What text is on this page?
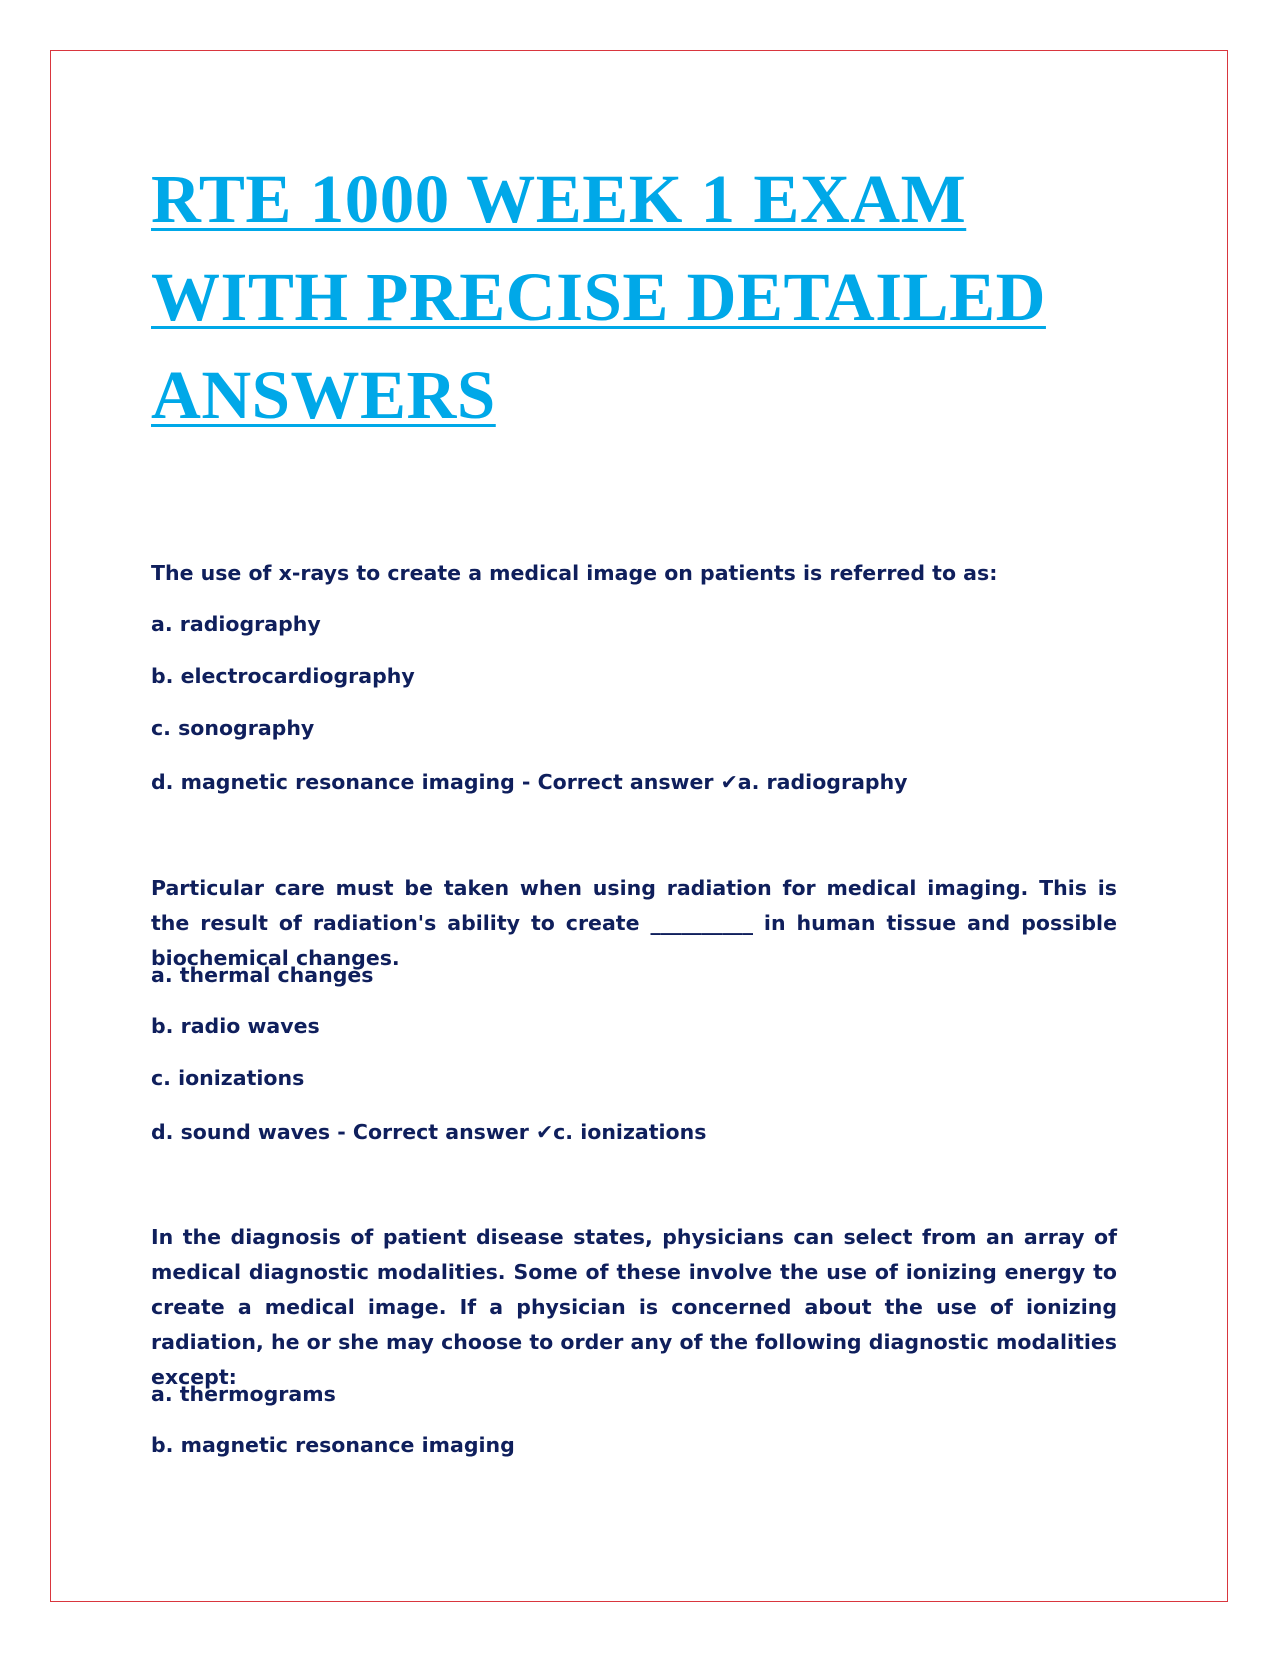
RTE 1000 WEEK 1 EXAM
WITH PRECISE DETAILED
ANSWERS
The use of x-rays to create a medical image on patients is referred to as:
a. radiography
b. electrocardiography
c. sonography
d. magnetic resonance imaging - Correct answer ✔a. radiography
Particular care must be taken when using radiation for medical imaging. This is the result of radiation's ability to create __________ in human tissue and possible biochemical changes.
a. thermal changes
b. radio waves
c. ionizations
d. sound waves - Correct answer ✔c. ionizations
In the diagnosis of patient disease states, physicians can select from an array of medical diagnostic modalities. Some of these involve the use of ionizing energy to create a medical image. If a physician is concerned about the use of ionizing radiation, he or she may choose to order any of the following diagnostic modalities except:
a. thermograms
b. magnetic resonance imaging
